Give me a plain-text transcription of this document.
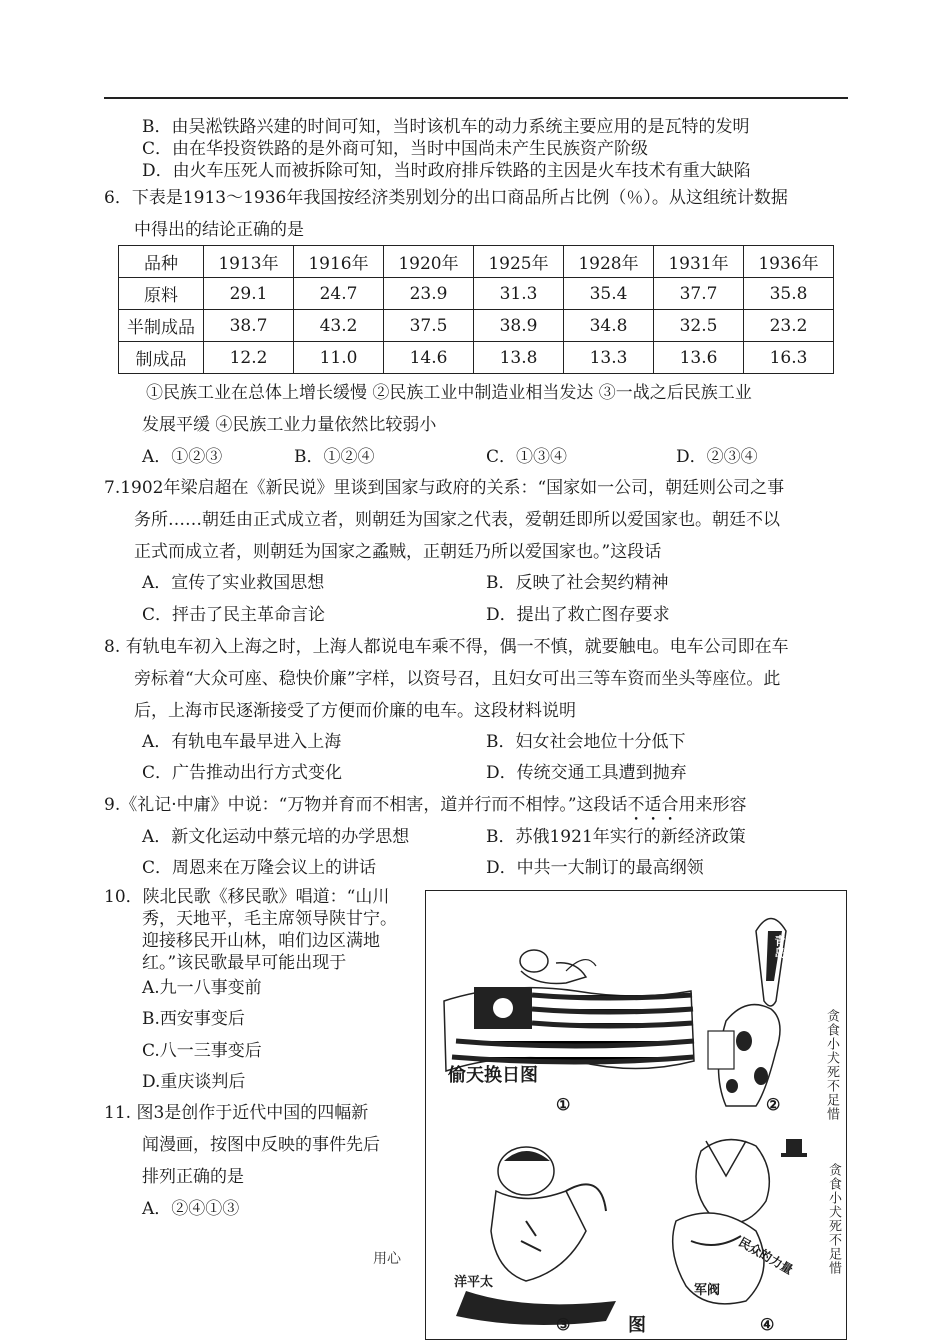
B．由吴淞铁路兴建的时间可知，当时该机车的动力系统主要应用的是瓦特的发明
C．由在华投资铁路的是外商可知，当时中国尚未产生民族资产阶级
D．由火车压死人而被拆除可知，当时政府排斥铁路的主因是火车技术有重大缺陷
6．下表是1913～1936年我国按经济类别划分的出口商品所占比例（％）。从这组统计数据
中得出的结论正确的是
品种	1913年	1916年	1920年	1925年	1928年	1931年	1936年
原料	29.1	24.7	23.9	31.3	35.4	37.7	35.8
半制成品	38.7	43.2	37.5	38.9	34.8	32.5	23.2
制成品	12.2	11.0	14.6	13.8	13.3	13.6	16.3
①民族工业在总体上增长缓慢 ②民族工业中制造业相当发达 ③一战之后民族工业
发展平缓 ④民族工业力量依然比较弱小
A．①②③	B．①②④	C．①③④	D．②③④
7.1902年梁启超在《新民说》里谈到国家与政府的关系：“国家如一公司，朝廷则公司之事
务所……朝廷由正式成立者，则朝廷为国家之代表，爱朝廷即所以爱国家也。朝廷不以
正式而成立者，则朝廷为国家之蟊贼，正朝廷乃所以爱国家也。”这段话
A．宣传了实业救国思想	B．反映了社会契约精神
C．抨击了民主革命言论	D．提出了救亡图存要求
8. 有轨电车初入上海之时，上海人都说电车乘不得，偶一不慎，就要触电。电车公司即在车
旁标着“大众可座、稳快价廉”字样，以资号召，且妇女可出三等车资而坐头等座位。此
后，上海市民逐渐接受了方便而价廉的电车。这段材料说明
A．有轨电车最早进入上海	B．妇女社会地位十分低下
C．广告推动出行方式变化	D．传统交通工具遭到抛弃
9.《礼记·中庸》中说：“万物并育而不相害，道并行而不相悖。”这段话不适合用来形容
A．新文化运动中蔡元培的办学思想	B．苏俄1921年实行的新经济政策
C．周恩来在万隆会议上的讲话	D．中共一大制订的最高纲领
10．陕北民歌《移民歌》唱道：“山川
秀，天地平，毛主席领导陕甘宁。
迎接移民开山林，咱们边区满地
红。”该民歌最早可能出现于
A.九一八事变前
B.西安事变后
C.八一三事变后
D.重庆谈判后
11. 图3是创作于近代中国的四幅新
闻漫画，按图中反映的事件先后
排列正确的是
A．②④①③
用心
偷天换日图
①	②
③	④
青岛
贪食小犬死不足惜
洋平太
陆大国中
贪食小犬死不足惜
民众的力量
军阀
图
